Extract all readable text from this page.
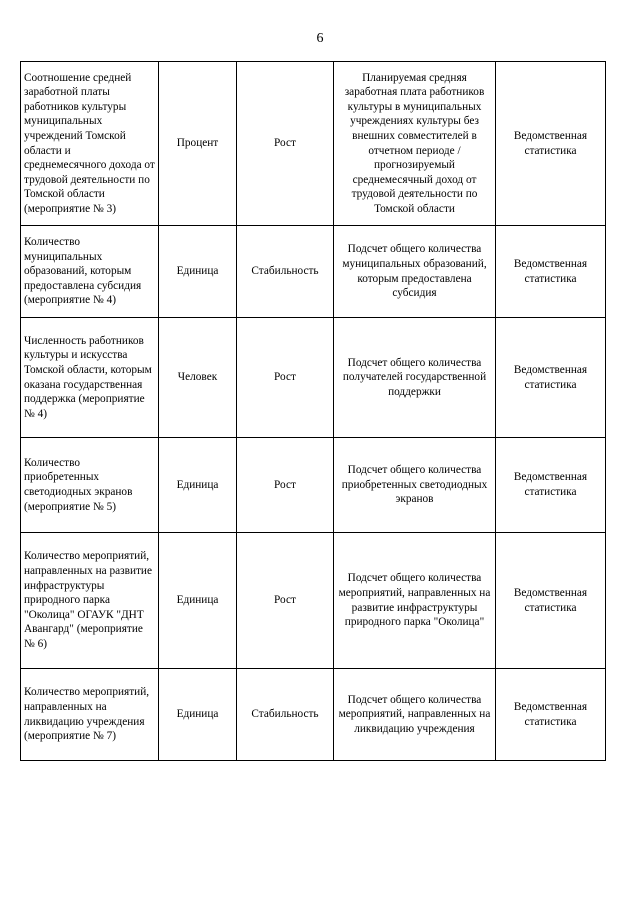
6
Соотношение средней заработной платы работников культуры муниципальных учреждений Томской области и среднемесячного дохода от трудовой деятельности по Томской области (мероприятие № 3)	Процент	Рост	Планируемая средняя заработная плата работников культуры в муниципальных учреждениях культуры без внешних совместителей в отчетном периоде / прогнозируемый среднемесячный доход от трудовой деятельности по Томской области	Ведомственная статистика
Количество муниципальных образований, которым предоставлена субсидия (мероприятие № 4)	Единица	Стабильность	Подсчет общего количества муниципальных образований, которым предоставлена субсидия	Ведомственная статистика
Численность работников культуры и искусства Томской области, которым оказана государственная поддержка (мероприятие № 4)	Человек	Рост	Подсчет общего количества получателей государственной поддержки	Ведомственная статистика
Количество приобретенных светодиодных экранов (мероприятие № 5)	Единица	Рост	Подсчет общего количества приобретенных светодиодных экранов	Ведомственная статистика
Количество мероприятий, направленных на развитие инфраструктуры природного парка "Околица" ОГАУК "ДНТ Авангард" (мероприятие № 6)	Единица	Рост	Подсчет общего количества мероприятий, направленных на развитие инфраструктуры природного парка "Околица"	Ведомственная статистика
Количество мероприятий, направленных на ликвидацию учреждения (мероприятие № 7)	Единица	Стабильность	Подсчет общего количества мероприятий, направленных на ликвидацию учреждения	Ведомственная статистика
